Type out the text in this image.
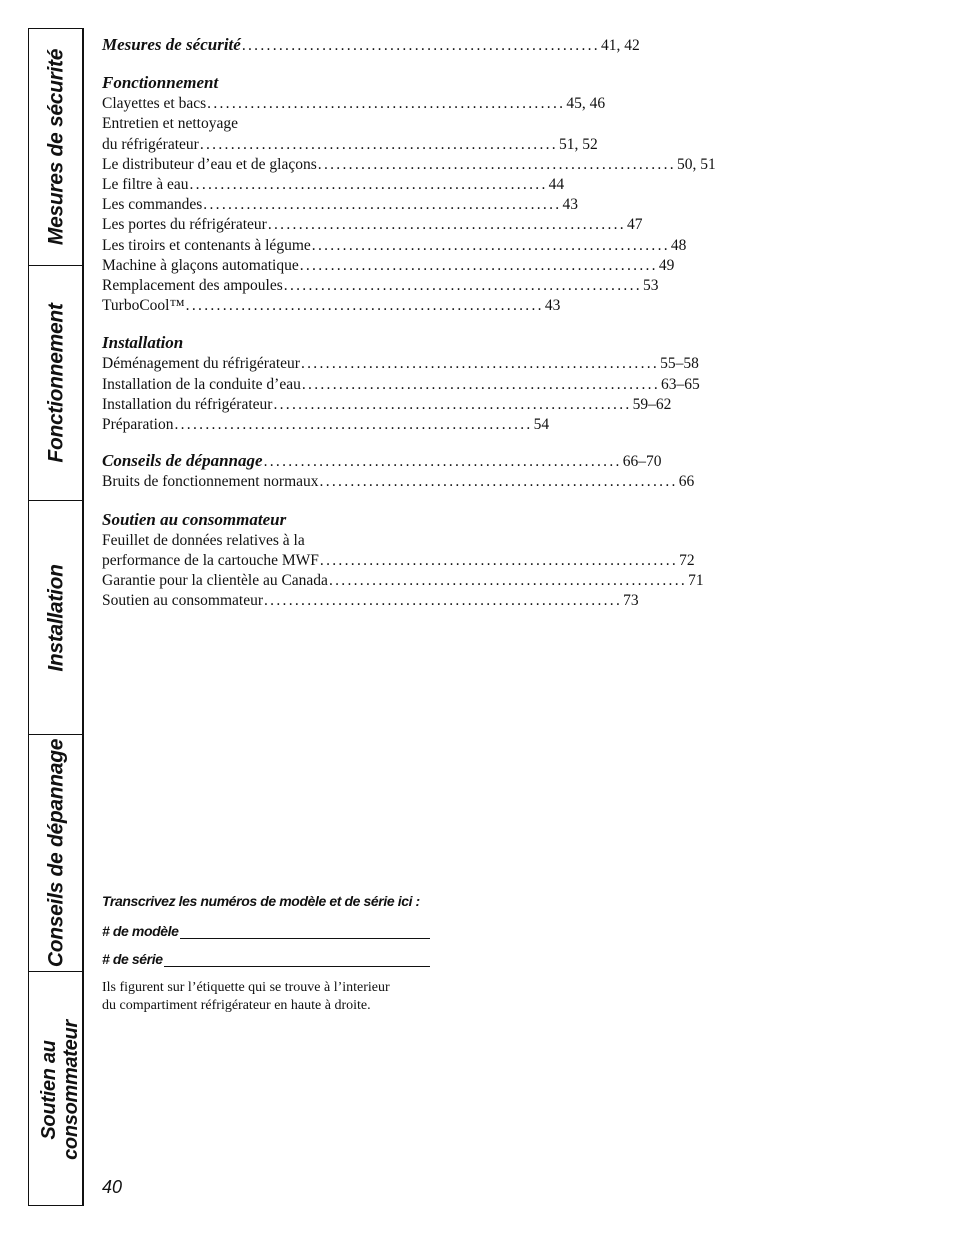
Mesures de sécurité
Fonctionnement
Installation
Conseils de dépannage
Soutien au consommateur
Mesures de sécurité .......................................................... 41, 42
Fonctionnement
Clayettes et bacs .......................................................... 45, 46
Entretien et nettoyage
du réfrigérateur .......................................................... 51, 52
Le distributeur d’eau et de glaçons .......................................................... 50, 51
Le filtre à eau .......................................................... 44
Les commandes .......................................................... 43
Les portes du réfrigérateur .......................................................... 47
Les tiroirs et contenants à légume .......................................................... 48
Machine à glaçons automatique .......................................................... 49
Remplacement des ampoules .......................................................... 53
TurboCool™ .......................................................... 43
Installation
Déménagement du réfrigérateur .......................................................... 55–58
Installation de la conduite d’eau .......................................................... 63–65
Installation du réfrigérateur .......................................................... 59–62
Préparation .......................................................... 54
Conseils de dépannage .......................................................... 66–70
Bruits de fonctionnement normaux .......................................................... 66
Soutien au consommateur
Feuillet de données relatives à la
performance de la cartouche MWF .......................................................... 72
Garantie pour la clientèle au Canada .......................................................... 71
Soutien au consommateur .......................................................... 73
Transcrivez les numéros de modèle et de série ici :
# de modèle
# de série
Ils figurent sur l’étiquette qui se trouve à l’interieur
du compartiment réfrigérateur en haute à droite.
40
